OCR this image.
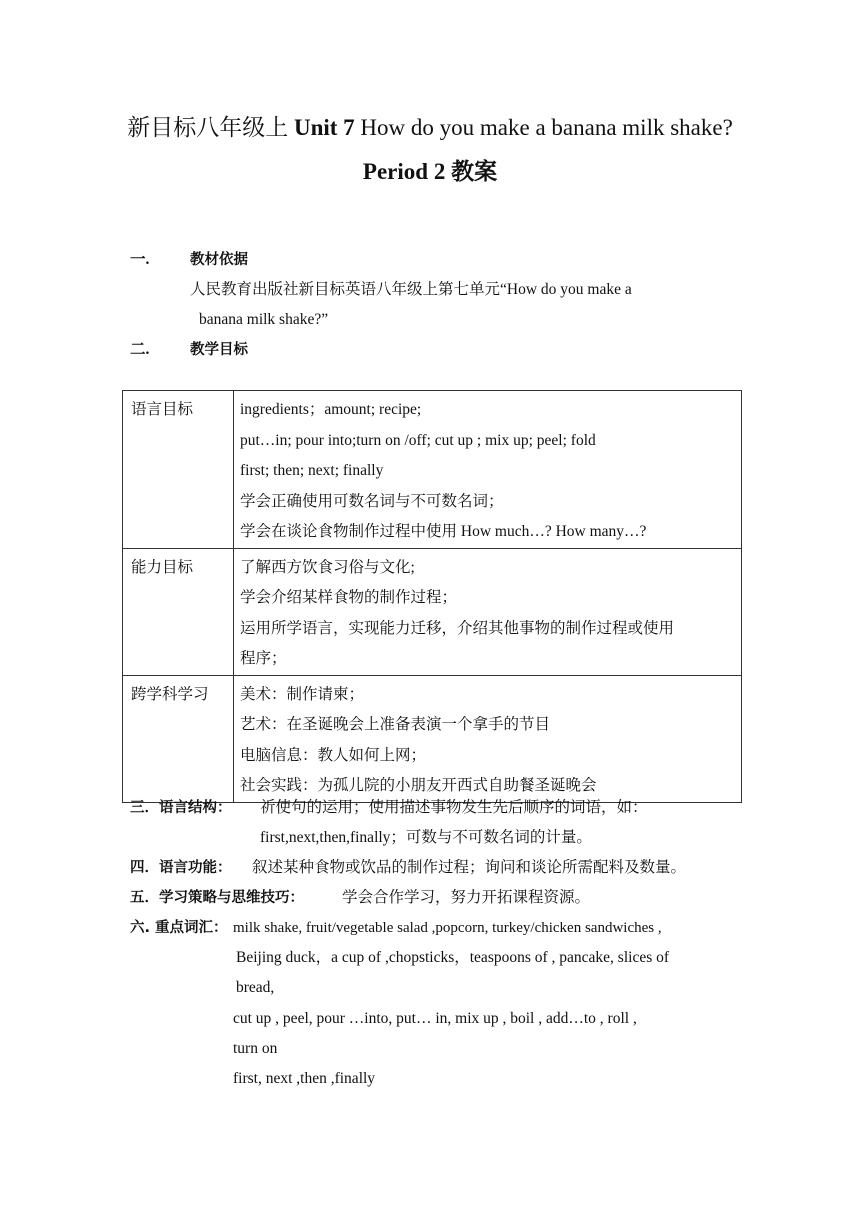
新目标八年级上 Unit 7 How do you make a banana milk shake?
Period 2 教案
一.	教材依据
人民教育出版社新目标英语八年级上第七单元“How do you make a
banana milk shake?”
二.	教学目标
语言目标	ingredients；amount; recipe;
put…in; pour into;turn on /off; cut up ; mix up; peel; fold
first; then; next; finally
学会正确使用可数名词与不可数名词；
学会在谈论食物制作过程中使用 How much…? How many…?

能力目标	了解西方饮食习俗与文化;
学会介绍某样食物的制作过程；
运用所学语言，实现能力迁移，介绍其他事物的制作过程或使用
程序；

跨学科学习	美术：制作请柬；
艺术：在圣诞晚会上准备表演一个拿手的节目
电脑信息：教人如何上网；
社会实践：为孤儿院的小朋友开西式自助餐圣诞晚会
三．语言结构： 祈使句的运用；使用描述事物发生先后顺序的词语，如：
first,next,then,finally；可数与不可数名词的计量。
四．语言功能： 叙述某种食物或饮品的制作过程；询问和谈论所需配料及数量。
五．学习策略与思维技巧： 学会合作学习，努力开拓课程资源。
六. 重点词汇： milk shake, fruit/vegetable salad ,popcorn, turkey/chicken sandwiches ,
Beijing duck，a cup of ,chopsticks，teaspoons of , pancake, slices of
bread,
cut up , peel, pour …into, put… in, mix up , boil , add…to , roll ,
turn on
first, next ,then ,finally
